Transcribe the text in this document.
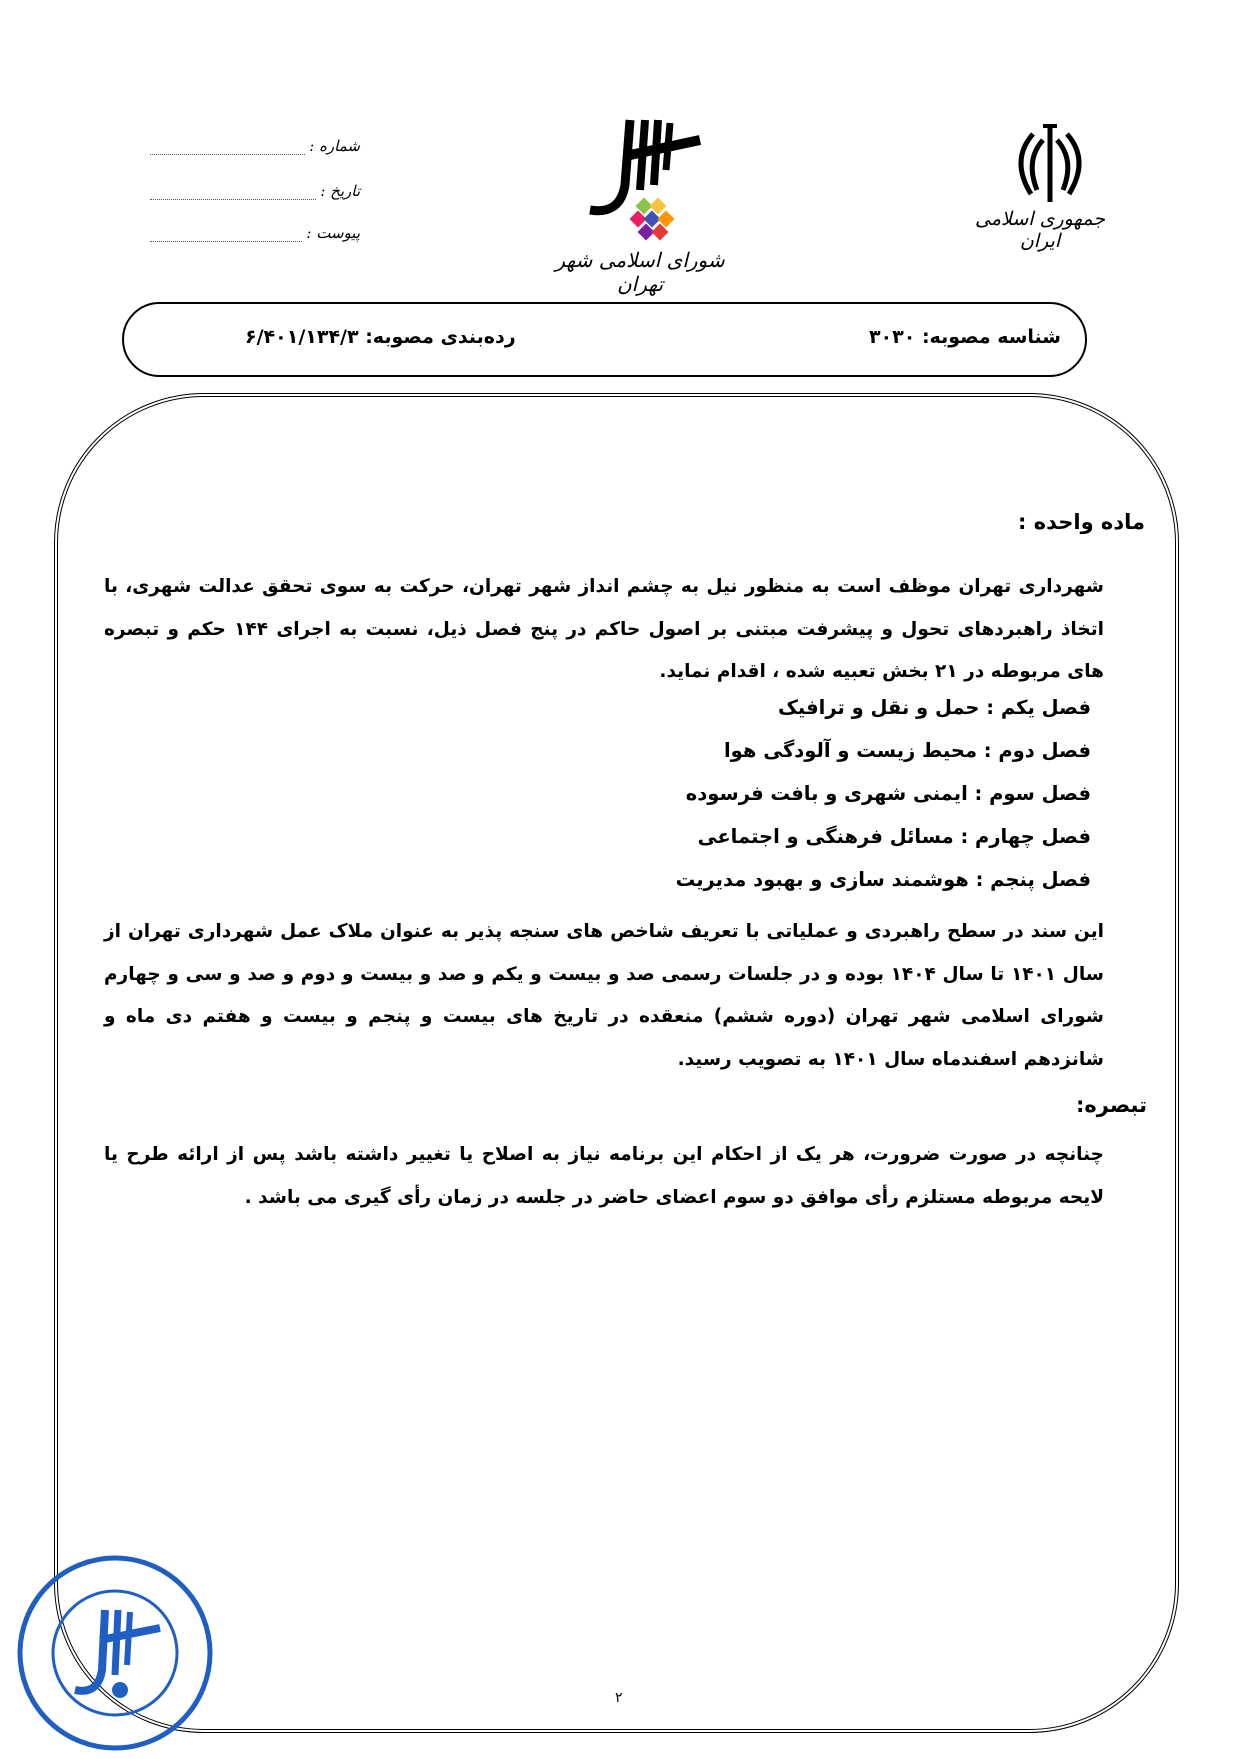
جمهوری اسلامی ایران
شورای اسلامی شهر تهران
شماره :
تاریخ :
پیوست :
شناسه مصوبه: ۳۰۳۰
رده‌بندی مصوبه: ۶/۴۰۱/۱۳۴/۳
ماده واحده :
شهرداری تهران موظف است به منظور نیل به چشم انداز شهر تهران، حرکت به سوی تحقق عدالت شهری، با اتخاذ راهبردهای تحول و پیشرفت مبتنی بر اصول حاکم در پنج فصل ذیل، نسبت به اجرای ۱۴۴ حکم و تبصره های مربوطه در ۲۱ بخش تعبیه شده ، اقدام نماید.
فصل یکم : حمل و نقل و ترافیک
فصل دوم : محیط زیست و آلودگی هوا
فصل سوم : ایمنی شهری و بافت فرسوده
فصل چهارم : مسائل فرهنگی و اجتماعی
فصل پنجم : هوشمند سازی و بهبود مدیریت
این سند در سطح راهبردی و عملیاتی با تعریف شاخص های سنجه پذیر به عنوان ملاک عمل شهرداری تهران از سال ۱۴۰۱ تا سال ۱۴۰۴ بوده و در جلسات رسمی صد و بیست و یکم و صد و بیست و دوم و صد و سی و چهارم شورای اسلامی شهر تهران (دوره ششم) منعقده در تاریخ های بیست و پنجم و بیست و هفتم دی ماه و شانزدهم اسفندماه سال ۱۴۰۱ به تصویب رسید.
تبصره:
چنانچه در صورت ضرورت، هر یک از احکام این برنامه نیاز به اصلاح یا تغییر داشته باشد پس از ارائه طرح یا لایحه مربوطه مستلزم رأی موافق دو سوم اعضای حاضر در جلسه در زمان رأی گیری می باشد .
۲
